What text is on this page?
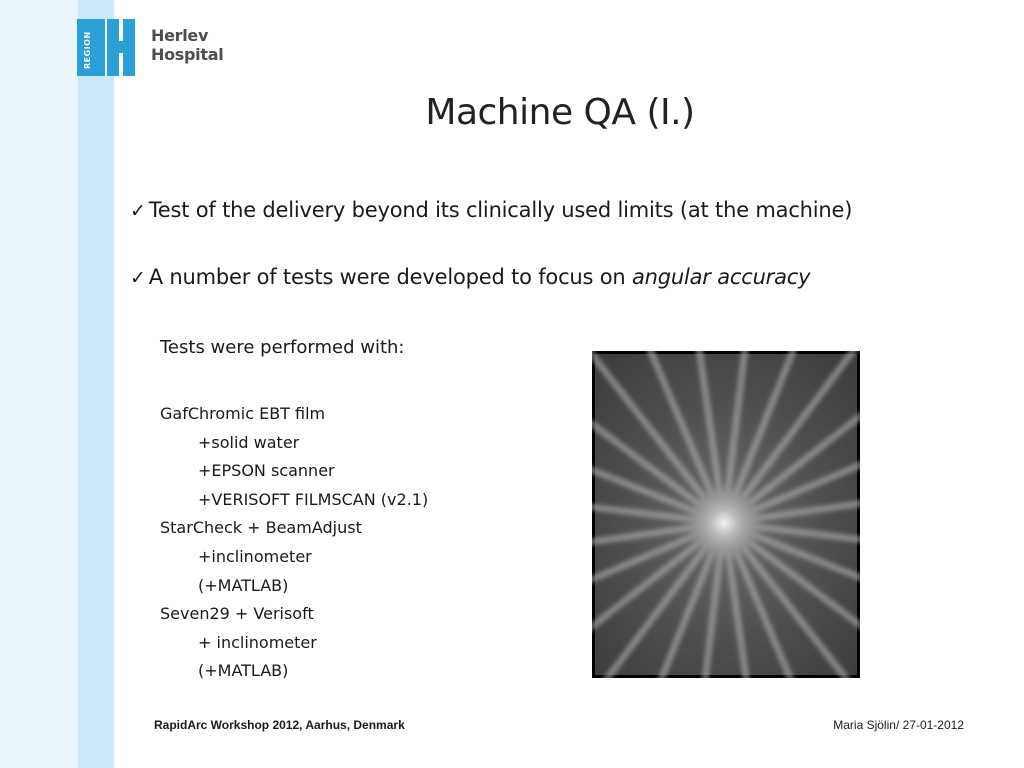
REGION	Herlev
Hospital
Machine QA (I.)
✓ Test of the delivery beyond its clinically used limits (at the machine)
✓ A number of tests were developed to focus on angular accuracy
Tests were performed with:
GafChromic EBT film
+solid water
+EPSON scanner
+VERISOFT FILMSCAN (v2.1)
StarCheck + BeamAdjust
+inclinometer
(+MATLAB)
Seven29 + Verisoft
+ inclinometer
(+MATLAB)
RapidArc Workshop 2012, Aarhus, Denmark	Maria Sjölin/ 27-01-2012
